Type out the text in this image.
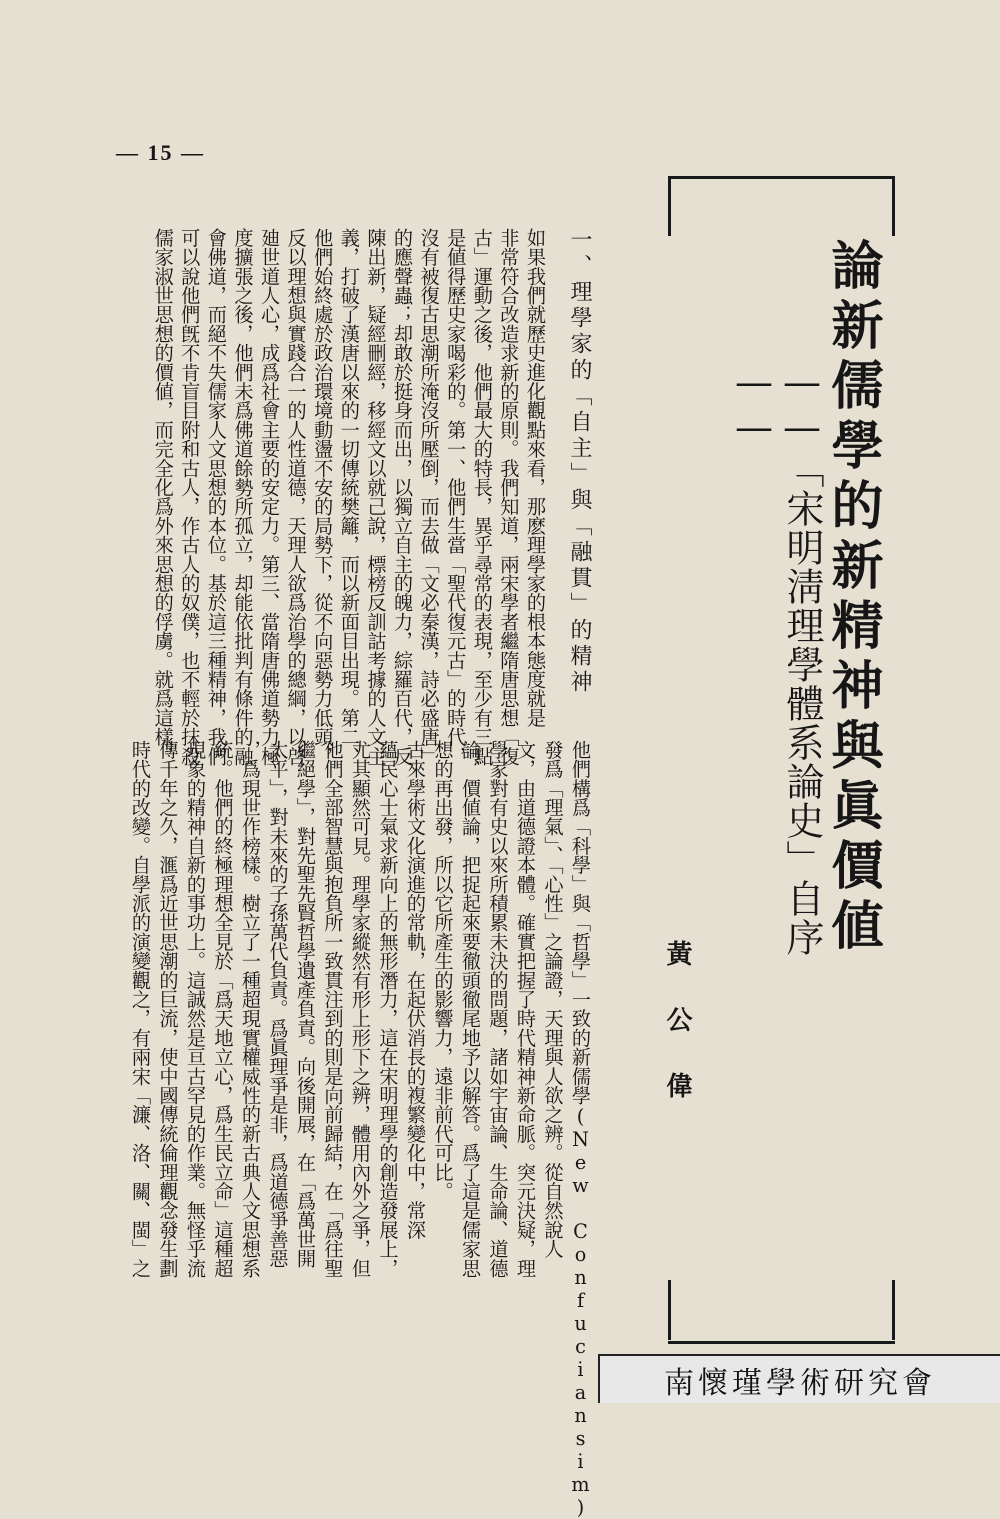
— 15 —
論新儒學的新精神與眞價値
——「宋明淸理學體系論史」自序——
黃公偉
一、理學家的「自主」與「融貫」的精神
如果我們就歷史進化觀點來看，那麽理學家的根本態度就是
非常符合改造求新的原則。我們知道，兩宋學者繼隋唐思想「復
古」運動之後，他們最大的特長，異乎尋常的表現，至少有三點
是値得歷史家喝彩的。第一、他們生當「聖代復元古」的時代，
沒有被復古思潮所淹沒所壓倒，而去做「文必秦漢，詩必盛唐」
的應聲蟲；却敢於挺身而出，以獨立自主的魄力，綜羅百代，反
陳出新，疑經刪經，移經文以就己說，標榜反訓詁考據的人文主
義，打破了漢唐以來的一切傳統樊籬，而以新面目出現。第二、
他們始終處於政治環境動盪不安的局勢下，從不向惡勢力低頭，
反以理想與實踐合一的人性道德，天理人欲爲治學的總綱，以啓
廸世道人心，成爲社會主要的安定力。第三、當隋唐佛道勢力極
度擴張之後，他們未爲佛道餘勢所孤立，却能依批判有條件的融
會佛道，而絕不失儒家人文思想的本位。基於這三種精神，我們
可以說他們旣不肯盲目附和古人，作古人的奴僕，也不輕於抹殺
儒家淑世思想的價値，而完全化爲外來思想的俘虜。就爲這樣，
他們構爲「科學」與「哲學」一致的新儒學(New Confuciansim)
發爲「理氣」、「心性」之論證，天理與人欲之辨。從自然說人
文，由道德證本體。確實把握了時代精神新命脈。突元決疑，理
學家對有史以來所積累未決的問題，諸如宇宙論、生命論、道德
論、價値論，把捉起來要徹頭徹尾地予以解答。爲了這是儒家思
想的再出發，所以它所產生的影響力，遠非前代可比。
古來學術文化演進的常軌，在起伏消長的複繁變化中，常深
蘊民心士氣求新向上的無形潛力，這在宋明理學的創造發展上，
尤其顯然可見。理學家縱然有形上形下之辨，體用內外之爭，但
他們全部智慧與抱負所一致貫注到的則是向前歸結，在「爲往聖
繼絕學」，對先聖先賢哲學遺產負責。向後開展，在「爲萬世開
太平」，對未來的子孫萬代負責。爲眞理爭是非，爲道德爭善惡
，爲現世作榜樣。樹立了一種超現實權威性的新古典人文思想系
統。他們的終極理想全見於「爲天地立心，爲生民立命」這種超
現象的精神自新的事功上。這誠然是亘古罕見的作業。無怪乎流
傳千年之久，滙爲近世思潮的巨流，使中國傳統倫理觀念發生劃
時代的改變。自學派的演變觀之，有兩宋「濂、洛、關、閩」之
南懷瑾學術研究會
